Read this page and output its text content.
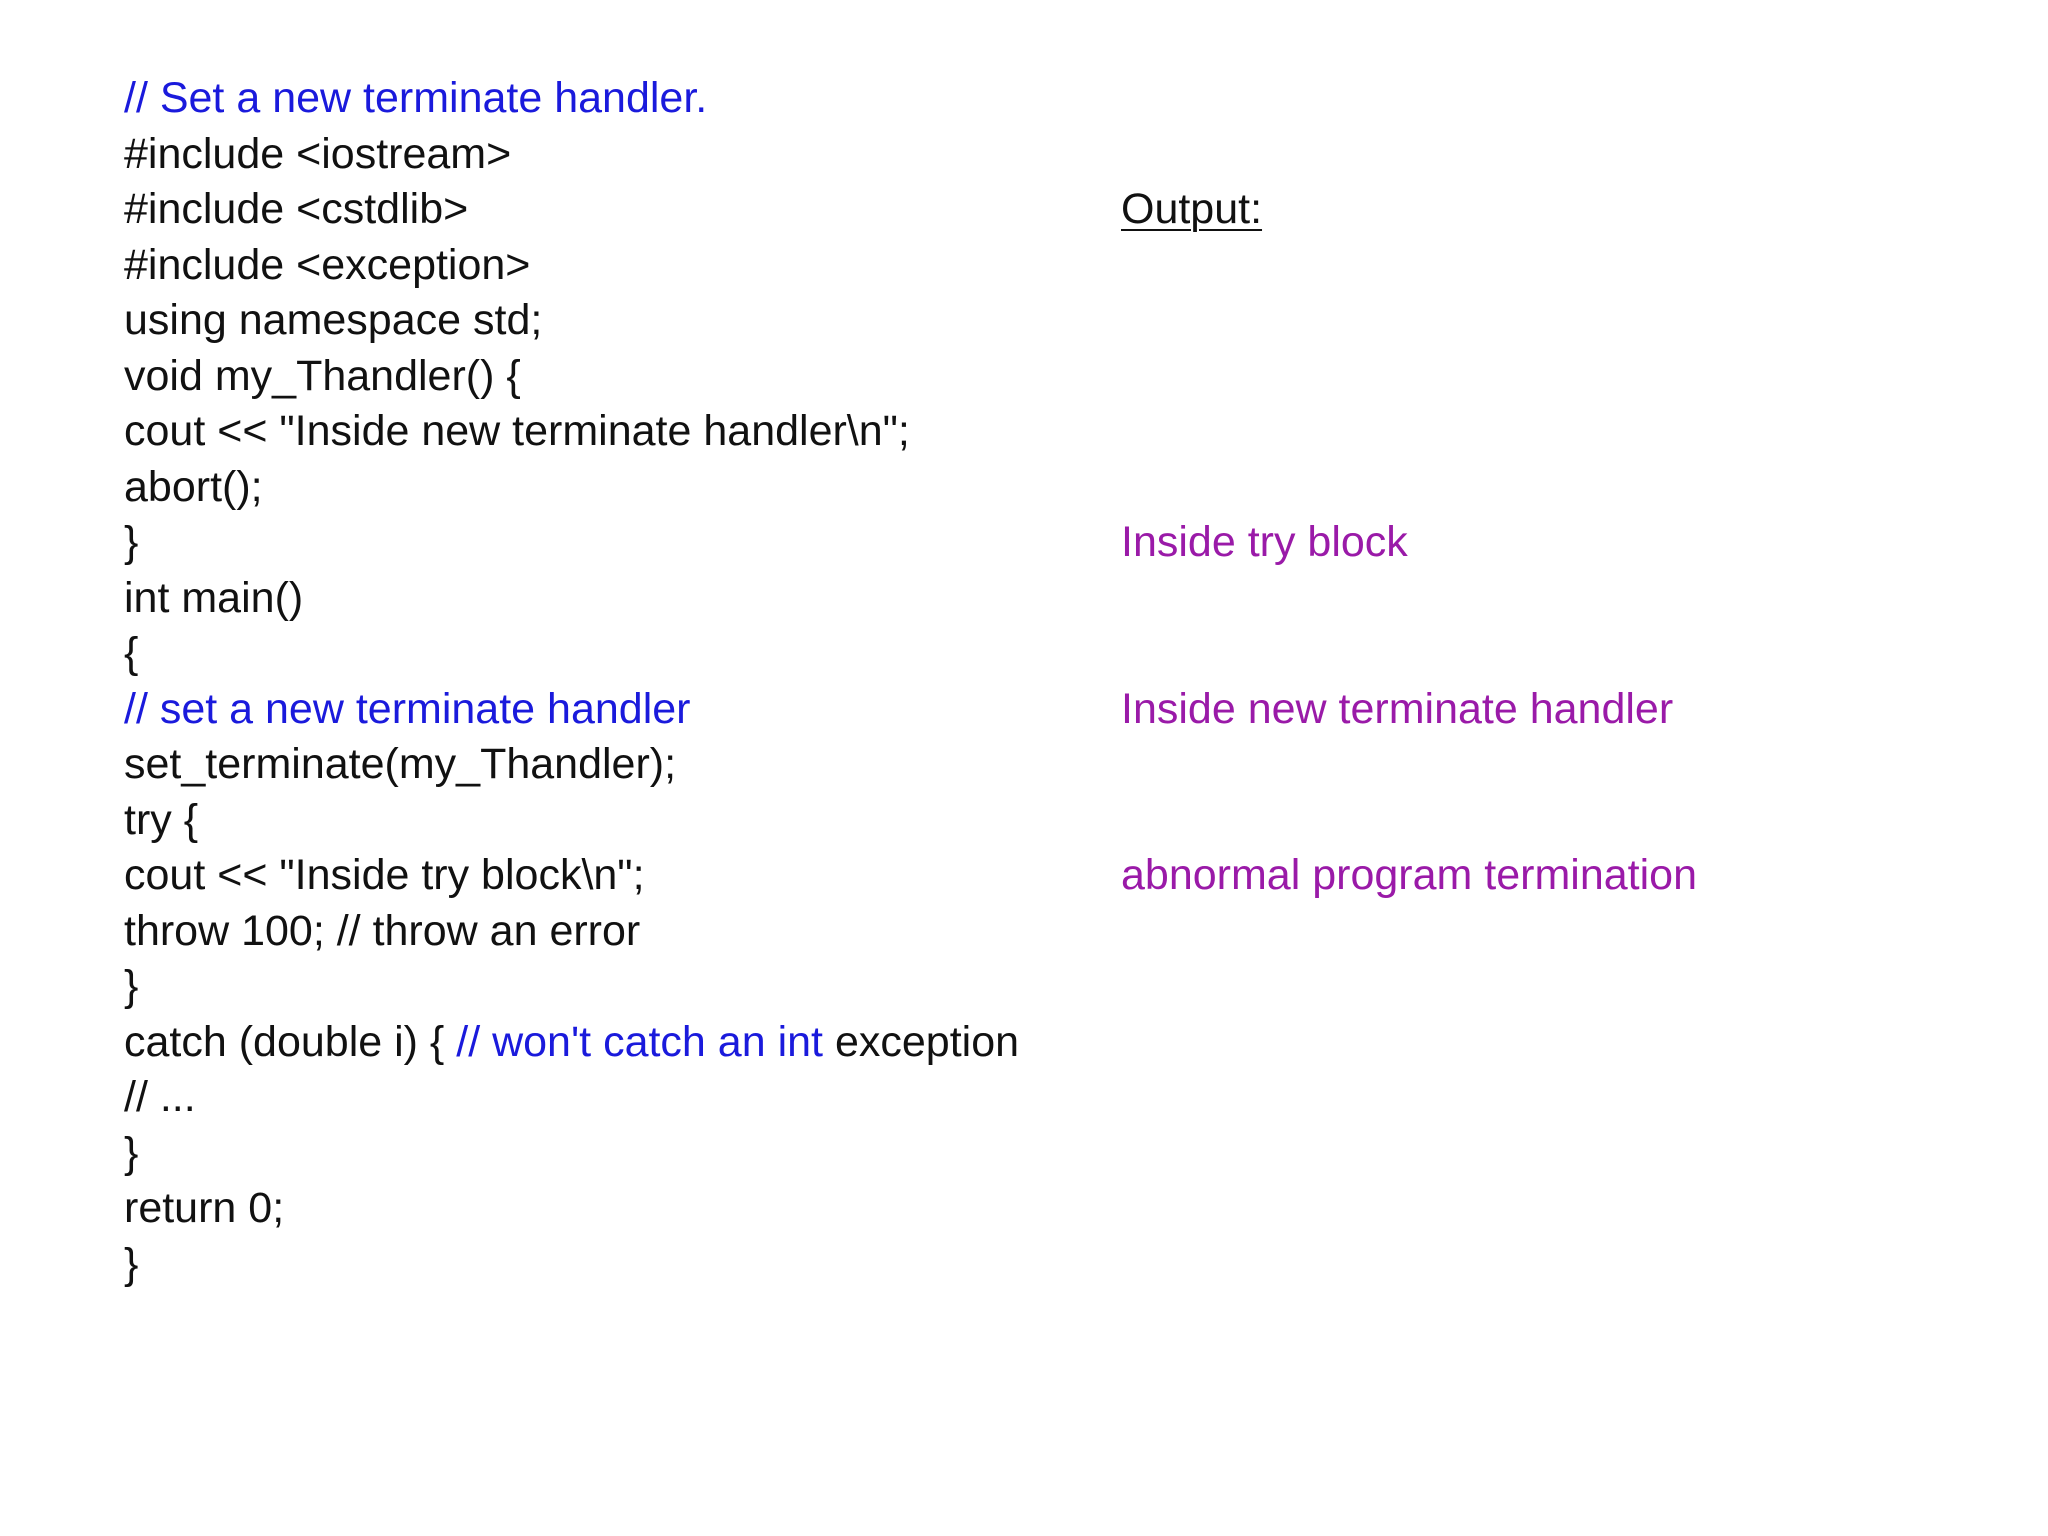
// Set a new terminate handler.
#include <iostream>
#include <cstdlib>
#include <exception>
using namespace std;
void my_Thandler() {
cout << "Inside new terminate handler\n";
abort();
}
int main()
{
// set a new terminate handler
set_terminate(my_Thandler);
try {
cout << "Inside try block\n";
throw 100; // throw an error
}
catch (double i) { // won't catch an int exception
// ...
}
return 0;
}

Output:

Inside try block

Inside new terminate handler

abnormal program termination
